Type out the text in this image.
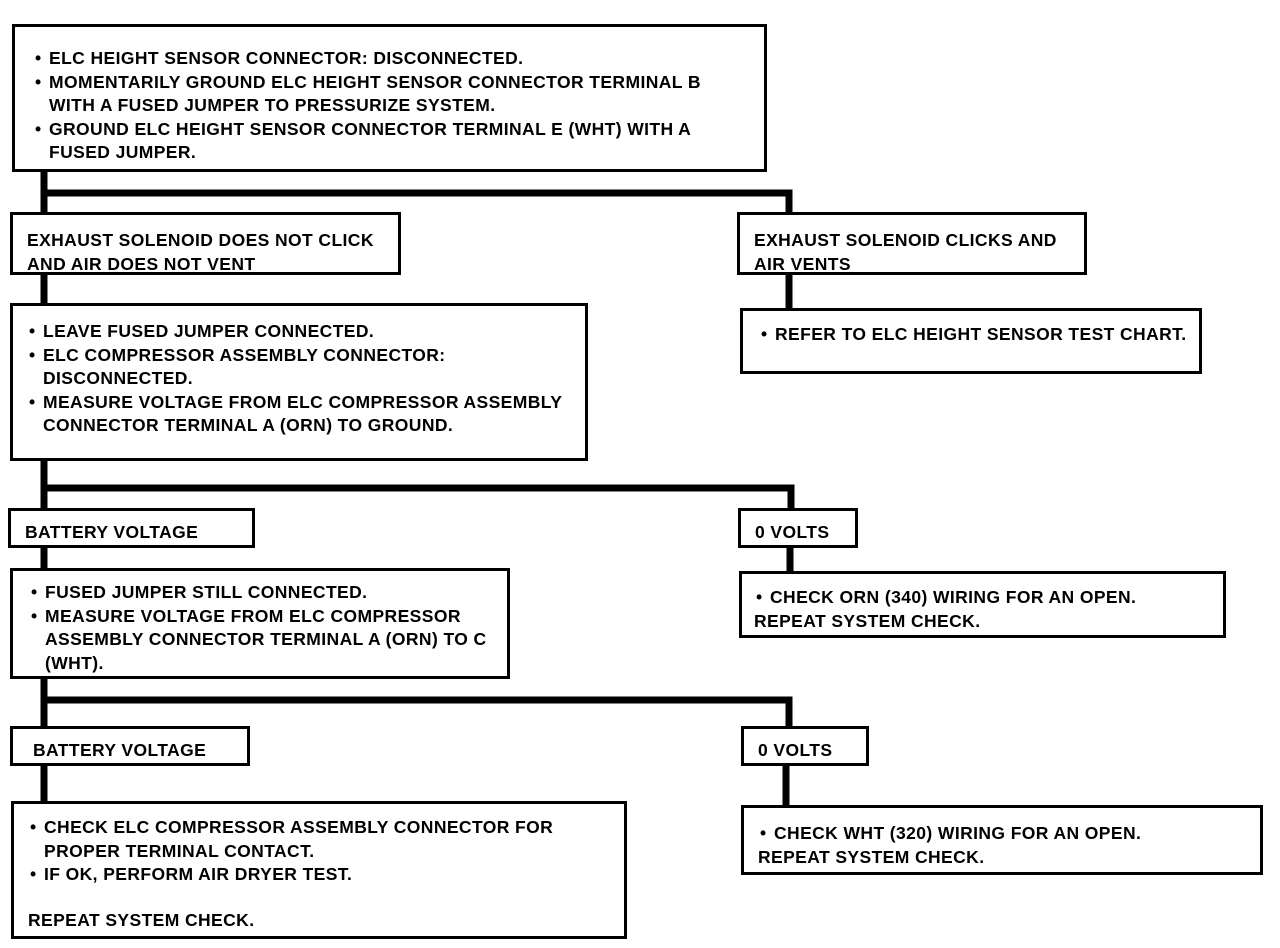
• ELC HEIGHT SENSOR CONNECTOR: DISCONNECTED.
• MOMENTARILY GROUND ELC HEIGHT SENSOR CONNECTOR TERMINAL B WITH A FUSED JUMPER TO PRESSURIZE SYSTEM.
• GROUND ELC HEIGHT SENSOR CONNECTOR TERMINAL E (WHT) WITH A FUSED JUMPER.

EXHAUST SOLENOID DOES NOT CLICK AND AIR DOES NOT VENT

EXHAUST SOLENOID CLICKS AND AIR VENTS

• REFER TO ELC HEIGHT SENSOR TEST CHART.
• LEAVE FUSED JUMPER CONNECTED.
• ELC COMPRESSOR ASSEMBLY CONNECTOR: DISCONNECTED.
• MEASURE VOLTAGE FROM ELC COMPRESSOR ASSEMBLY CONNECTOR TERMINAL A (ORN) TO GROUND.

BATTERY VOLTAGE	0 VOLTS

• CHECK ORN (340) WIRING FOR AN OPEN.

REPEAT SYSTEM CHECK.

• FUSED JUMPER STILL CONNECTED.
• MEASURE VOLTAGE FROM ELC COMPRESSOR ASSEMBLY CONNECTOR TERMINAL A (ORN) TO C (WHT).

BATTERY VOLTAGE	0 VOLTS

• CHECK ELC COMPRESSOR ASSEMBLY CONNECTOR FOR PROPER TERMINAL CONTACT.
• IF OK, PERFORM AIR DRYER TEST.

REPEAT SYSTEM CHECK.

• CHECK WHT (320) WIRING FOR AN OPEN.

REPEAT SYSTEM CHECK.
